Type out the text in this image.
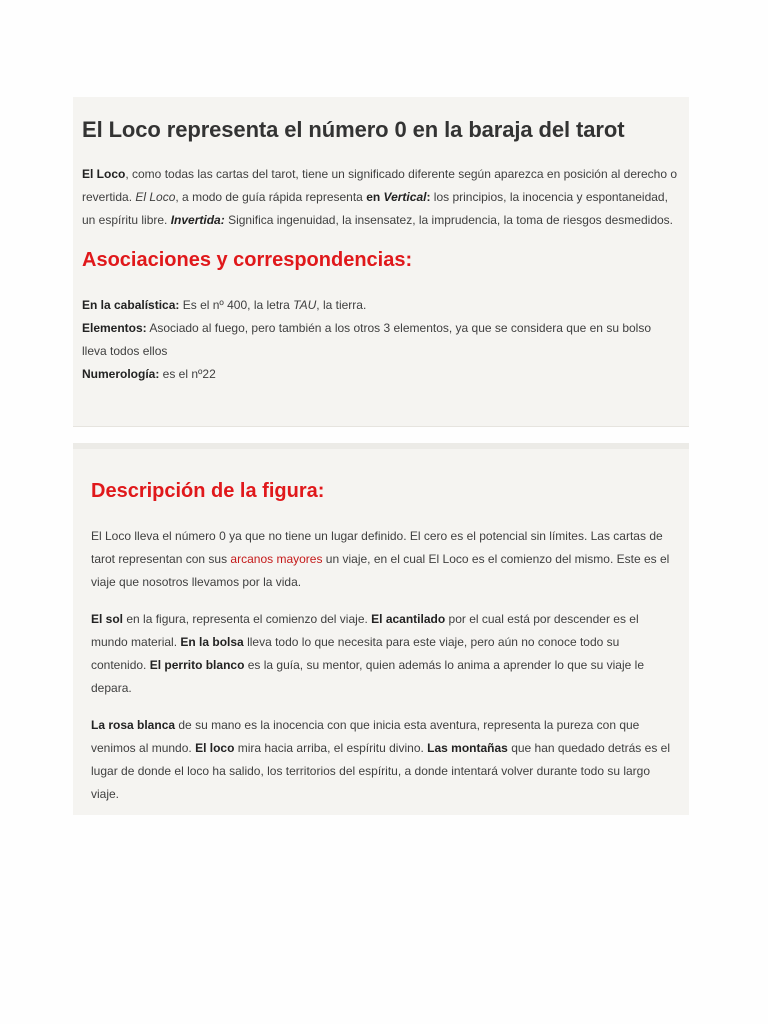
El Loco representa el número 0 en la baraja del tarot

El Loco, como todas las cartas del tarot, tiene un significado diferente según aparezca en posición al derecho o revertida. El Loco, a modo de guía rápida representa en Vertical: los principios, la inocencia y espontaneidad, un espíritu libre. Invertida: Significa ingenuidad, la insensatez, la imprudencia, la toma de riesgos desmedidos.

Asociaciones y correspondencias:

En la cabalística: Es el nº 400, la letra TAU, la tierra.

Elementos: Asociado al fuego, pero también a los otros 3 elementos, ya que se considera que en su bolso lleva todos ellos

Numerología: es el nº22

Descripción de la figura:

El Loco lleva el número 0 ya que no tiene un lugar definido. El cero es el potencial sin límites. Las cartas de tarot representan con sus arcanos mayores un viaje, en el cual El Loco es el comienzo del mismo. Este es el viaje que nosotros llevamos por la vida.

El sol en la figura, representa el comienzo del viaje. El acantilado por el cual está por descender es el mundo material. En la bolsa lleva todo lo que necesita para este viaje, pero aún no conoce todo su contenido. El perrito blanco es la guía, su mentor, quien además lo anima a aprender lo que su viaje le depara.

La rosa blanca de su mano es la inocencia con que inicia esta aventura, representa la pureza con que venimos al mundo. El loco mira hacia arriba, el espíritu divino. Las montañas que han quedado detrás es el lugar de donde el loco ha salido, los territorios del espíritu, a donde intentará volver durante todo su largo viaje.
